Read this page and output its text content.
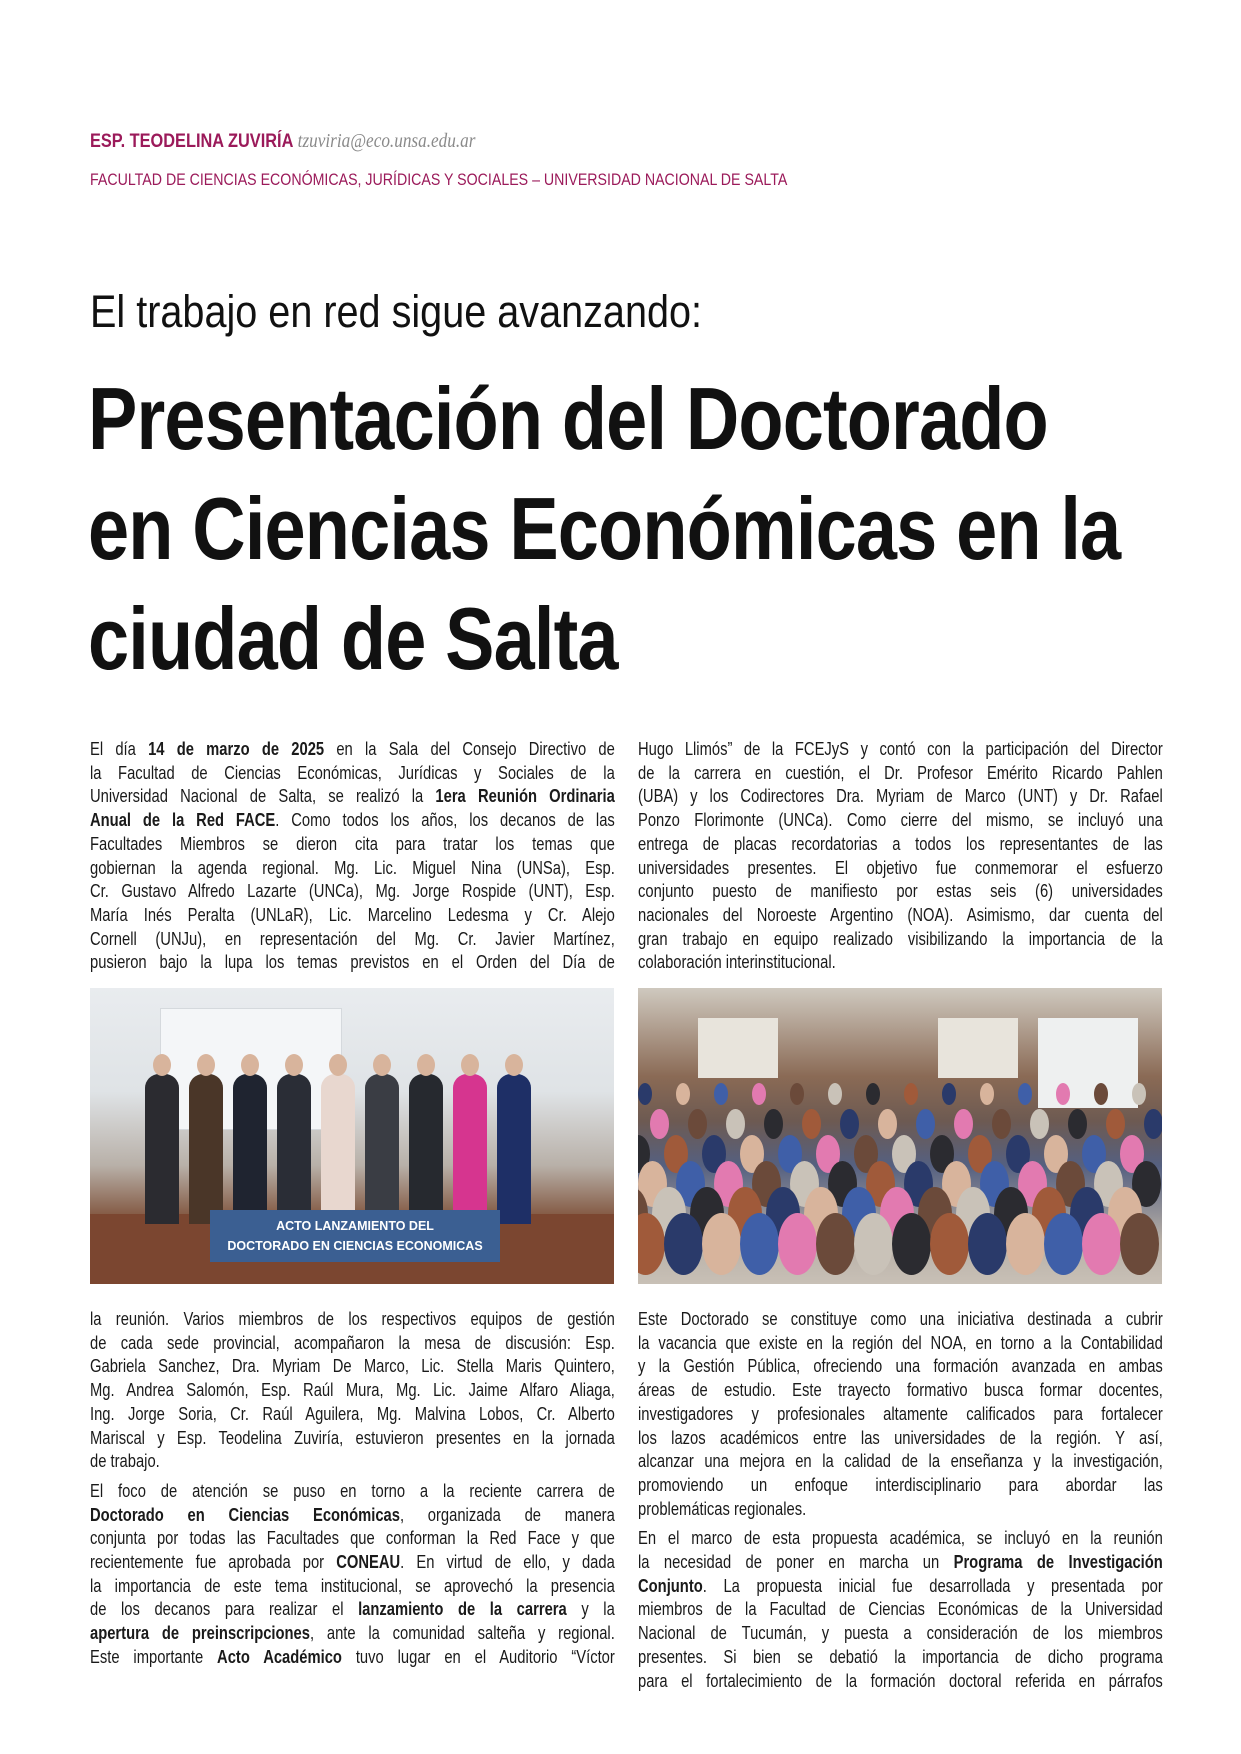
ESP. TEODELINA ZUVIRÍA tzuviria@eco.unsa.edu.ar
FACULTAD DE CIENCIAS ECONÓMICAS, JURÍDICAS Y SOCIALES – UNIVERSIDAD NACIONAL DE SALTA
El trabajo en red sigue avanzando:
Presentación del Doctorado
en Ciencias Económicas en la
ciudad de Salta
El día 14 de marzo de 2025 en la Sala del Consejo Directivo de
la Facultad de Ciencias Económicas, Jurídicas y Sociales de la
Universidad Nacional de Salta, se realizó la 1era Reunión Ordinaria
Anual de la Red FACE. Como todos los años, los decanos de las
Facultades Miembros se dieron cita para tratar los temas que
gobiernan la agenda regional. Mg. Lic. Miguel Nina (UNSa), Esp.
Cr. Gustavo Alfredo Lazarte (UNCa), Mg. Jorge Rospide (UNT), Esp.
María Inés Peralta (UNLaR), Lic. Marcelino Ledesma y Cr. Alejo
Cornell (UNJu), en representación del Mg. Cr. Javier Martínez,
pusieron bajo la lupa los temas previstos en el Orden del Día de
Hugo Llimós” de la FCEJyS y contó con la participación del Director
de la carrera en cuestión, el Dr. Profesor Emérito Ricardo Pahlen
(UBA) y los Codirectores Dra. Myriam de Marco (UNT) y Dr. Rafael
Ponzo Florimonte (UNCa). Como cierre del mismo, se incluyó una
entrega de placas recordatorias a todos los representantes de las
universidades presentes. El objetivo fue conmemorar el esfuerzo
conjunto puesto de manifiesto por estas seis (6) universidades
nacionales del Noroeste Argentino (NOA). Asimismo, dar cuenta del
gran trabajo en equipo realizado visibilizando la importancia de la
colaboración interinstitucional.
ACTO LANZAMIENTO DEL
DOCTORADO EN CIENCIAS ECONOMICAS
la reunión. Varios miembros de los respectivos equipos de gestión
de cada sede provincial, acompañaron la mesa de discusión: Esp.
Gabriela Sanchez, Dra. Myriam De Marco, Lic. Stella Maris Quintero,
Mg. Andrea Salomón, Esp. Raúl Mura, Mg. Lic. Jaime Alfaro Aliaga,
Ing. Jorge Soria, Cr. Raúl Aguilera, Mg. Malvina Lobos, Cr. Alberto
Mariscal y Esp. Teodelina Zuviría, estuvieron presentes en la jornada
de trabajo.
El foco de atención se puso en torno a la reciente carrera de
Doctorado en Ciencias Económicas, organizada de manera
conjunta por todas las Facultades que conforman la Red Face y que
recientemente fue aprobada por CONEAU. En virtud de ello, y dada
la importancia de este tema institucional, se aprovechó la presencia
de los decanos para realizar el lanzamiento de la carrera y la
apertura de preinscripciones, ante la comunidad salteña y regional.
Este importante Acto Académico tuvo lugar en el Auditorio “Víctor
Este Doctorado se constituye como una iniciativa destinada a cubrir
la vacancia que existe en la región del NOA, en torno a la Contabilidad
y la Gestión Pública, ofreciendo una formación avanzada en ambas
áreas de estudio. Este trayecto formativo busca formar docentes,
investigadores y profesionales altamente calificados para fortalecer
los lazos académicos entre las universidades de la región. Y así,
alcanzar una mejora en la calidad de la enseñanza y la investigación,
promoviendo un enfoque interdisciplinario para abordar las
problemáticas regionales.
En el marco de esta propuesta académica, se incluyó en la reunión
la necesidad de poner en marcha un Programa de Investigación
Conjunto. La propuesta inicial fue desarrollada y presentada por
miembros de la Facultad de Ciencias Económicas de la Universidad
Nacional de Tucumán, y puesta a consideración de los miembros
presentes. Si bien se debatió la importancia de dicho programa
para el fortalecimiento de la formación doctoral referida en párrafos
